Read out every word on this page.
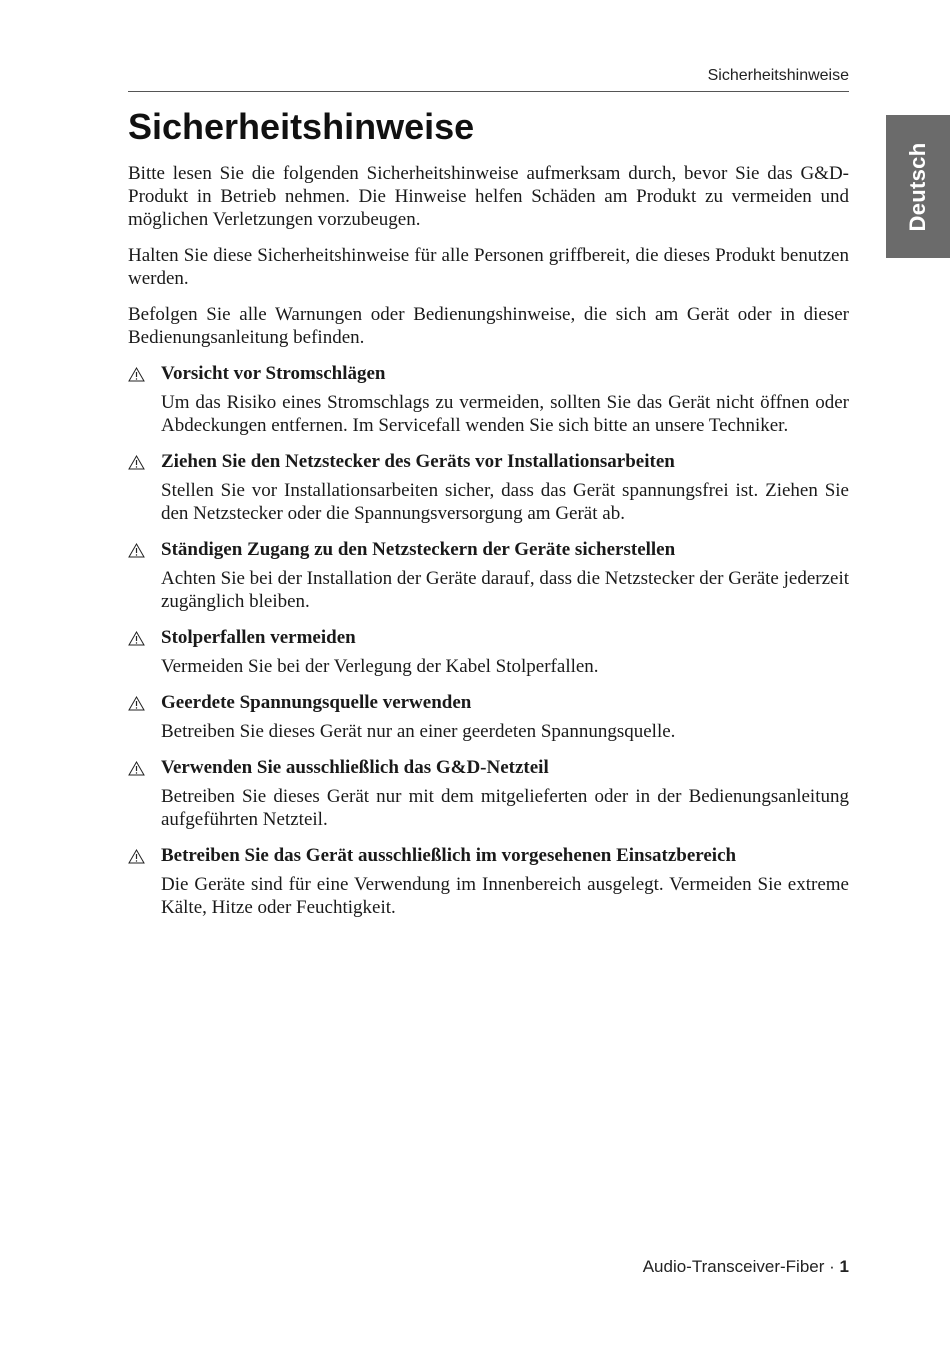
Sicherheitshinweise
Deutsch
Sicherheitshinweise

Bitte lesen Sie die folgenden Sicherheitshinweise aufmerksam durch, bevor Sie das G&D-Produkt in Betrieb nehmen. Die Hinweise helfen Schäden am Produkt zu vermeiden und möglichen Verletzungen vorzubeugen.

Halten Sie diese Sicherheitshinweise für alle Personen griffbereit, die dieses Produkt benutzen werden.

Befolgen Sie alle Warnungen oder Bedienungshinweise, die sich am Gerät oder in dieser Bedienungsanleitung befinden.

Vorsicht vor Stromschlägen

Um das Risiko eines Stromschlags zu vermeiden, sollten Sie das Gerät nicht öffnen oder Abdeckungen entfernen. Im Servicefall wenden Sie sich bitte an unsere Techniker.

Ziehen Sie den Netzstecker des Geräts vor Installationsarbeiten

Stellen Sie vor Installationsarbeiten sicher, dass das Gerät spannungsfrei ist. Ziehen Sie den Netzstecker oder die Spannungsversorgung am Gerät ab.

Ständigen Zugang zu den Netzsteckern der Geräte sicherstellen

Achten Sie bei der Installation der Geräte darauf, dass die Netzstecker der Geräte jederzeit zugänglich bleiben.

Stolperfallen vermeiden

Vermeiden Sie bei der Verlegung der Kabel Stolperfallen.

Geerdete Spannungsquelle verwenden

Betreiben Sie dieses Gerät nur an einer geerdeten Spannungsquelle.

Verwenden Sie ausschließlich das G&D-Netzteil

Betreiben Sie dieses Gerät nur mit dem mitgelieferten oder in der Bedienungsanleitung aufgeführten Netzteil.

Betreiben Sie das Gerät ausschließlich im vorgesehenen Einsatzbereich

Die Geräte sind für eine Verwendung im Innenbereich ausgelegt. Vermeiden Sie extreme Kälte, Hitze oder Feuchtigkeit.

Audio-Transceiver-Fiber · 1
